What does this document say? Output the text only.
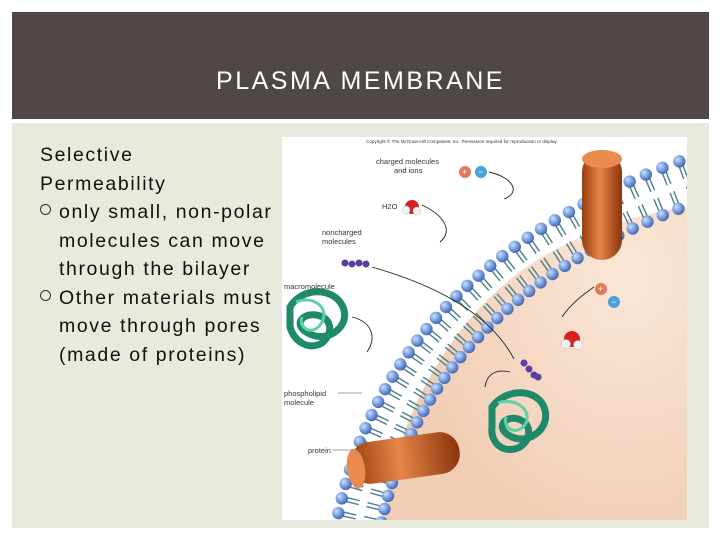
PLASMA MEMBRANE
Selective
Permeability
only small, non-polar molecules can move through the bilayer
Other materials must move through pores (made of proteins)
+ −
+
−
Copyright © The McGraw-Hill Companies, Inc. Permission required for reproduction or display.
charged molecules
and ions
H2O
noncharged
molecules
macromolecule
phospholipid
molecule
protein
